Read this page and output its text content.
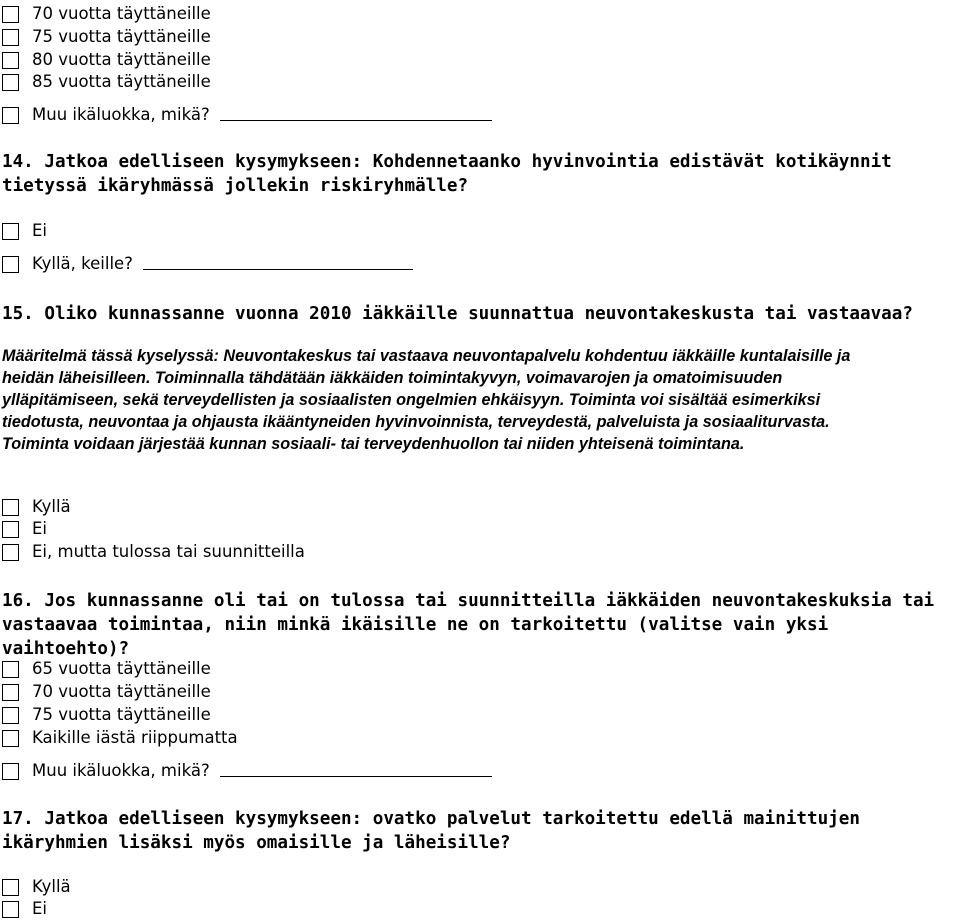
70 vuotta täyttäneille
75 vuotta täyttäneille
80 vuotta täyttäneille
85 vuotta täyttäneille
Muu ikäluokka, mikä?
14. Jatkoa edelliseen kysymykseen: Kohdennetaanko hyvinvointia edistävät kotikäynnit
tietyssä ikäryhmässä jollekin riskiryhmälle?
Ei
Kyllä, keille?
15. Oliko kunnassanne vuonna 2010 iäkkäille suunnattua neuvontakeskusta tai vastaavaa?

Määritelmä tässä kyselyssä: Neuvontakeskus tai vastaava neuvontapalvelu kohdentuu iäkkäille kuntalaisille ja

heidän läheisilleen. Toiminnalla tähdätään iäkkäiden toimintakyvyn, voimavarojen ja omatoimisuuden

ylläpitämiseen, sekä terveydellisten ja sosiaalisten ongelmien ehkäisyyn. Toiminta voi sisältää esimerkiksi

tiedotusta, neuvontaa ja ohjausta ikääntyneiden hyvinvoinnista, terveydestä, palveluista ja sosiaaliturvasta.

Toiminta voidaan järjestää kunnan sosiaali- tai terveydenhuollon tai niiden yhteisenä toimintana.

Kyllä
Ei
Ei, mutta tulossa tai suunnitteilla
16. Jos kunnassanne oli tai on tulossa tai suunnitteilla iäkkäiden neuvontakeskuksia tai
vastaavaa toimintaa, niin minkä ikäisille ne on tarkoitettu (valitse vain yksi vaihtoehto)?
65 vuotta täyttäneille
70 vuotta täyttäneille
75 vuotta täyttäneille
Kaikille iästä riippumatta
Muu ikäluokka, mikä?
17. Jatkoa edelliseen kysymykseen: ovatko palvelut tarkoitettu edellä mainittujen
ikäryhmien lisäksi myös omaisille ja läheisille?
Kyllä
Ei
